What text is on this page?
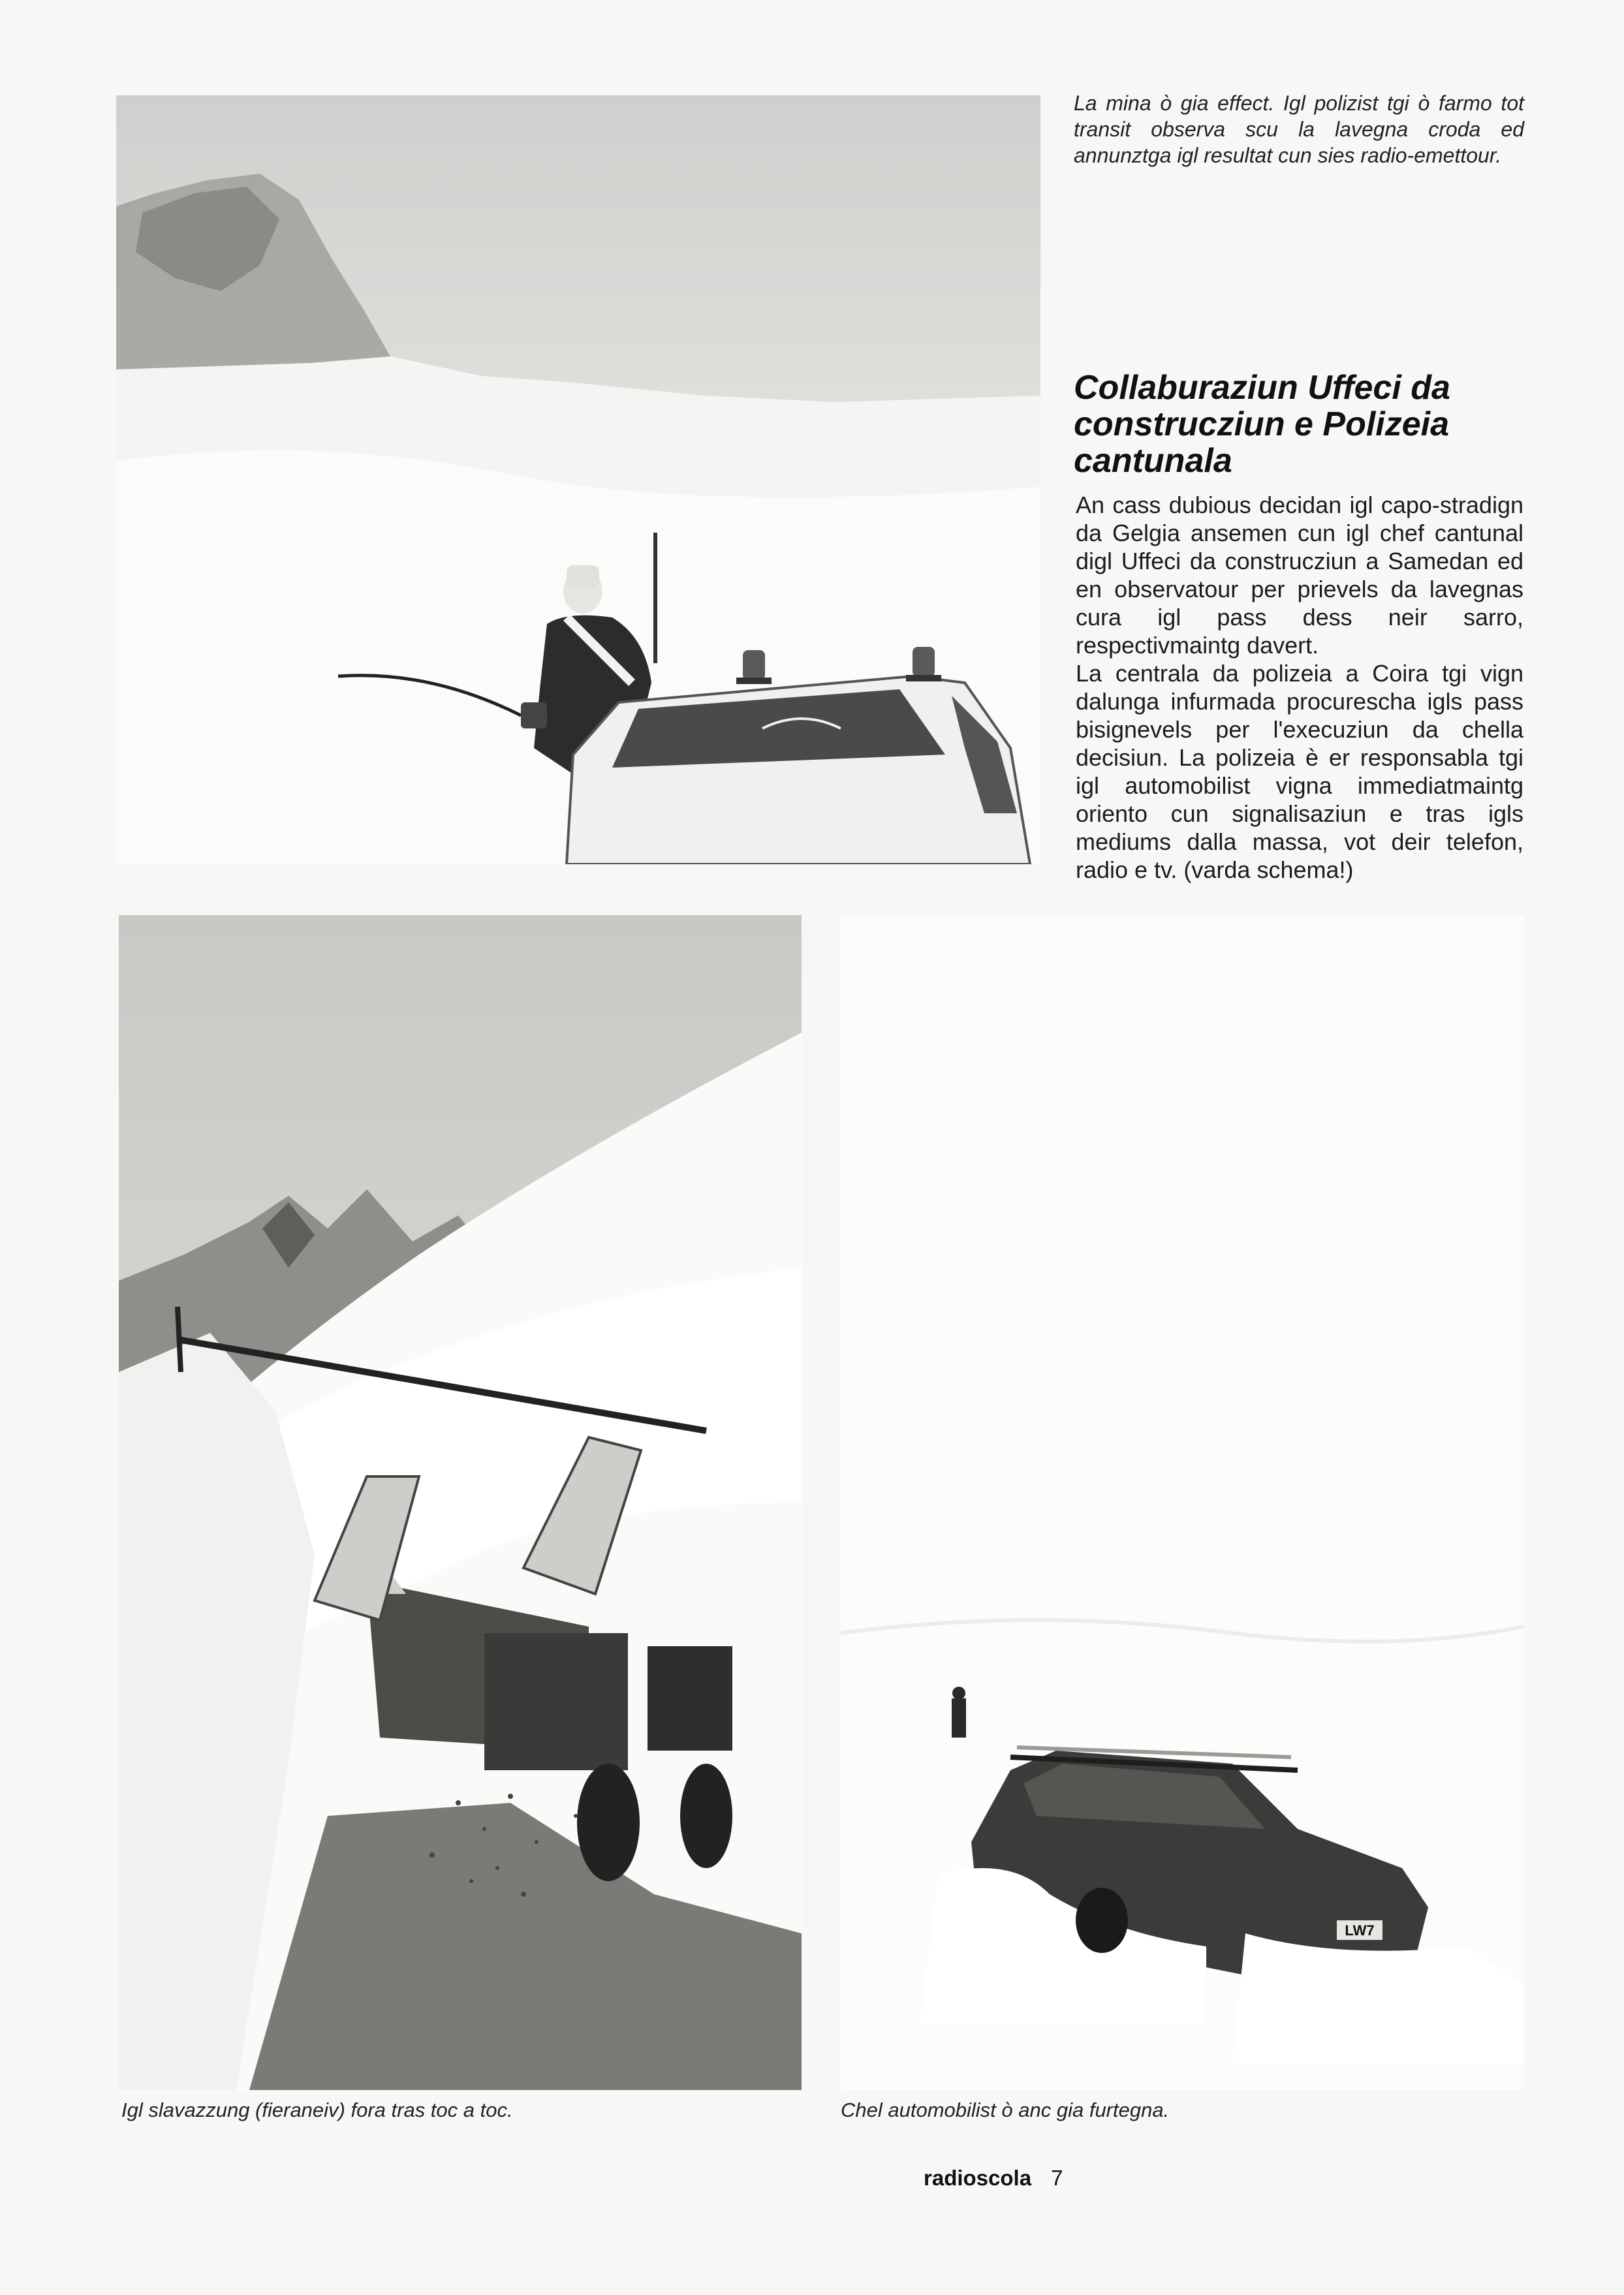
LW7
La mina ò gia effect. Igl polizist tgi ò farmo tot transit observa scu la lavegna croda ed annunztga igl resultat cun sies radio-emettour.
Collaburaziun Uffeci da construcziun e Polizeia cantunala

An cass dubious decidan igl capo-stradign da Gelgia ansemen cun igl chef cantunal digl Uffeci da construcziun a Samedan ed en observatour per prievels da lavegnas cura igl pass dess neir sarro, respectivmaintg davert.

La centrala da polizeia a Coira tgi vign dalunga infurmada procurescha igls pass bisignevels per l'execuziun da chella decisiun. La polizeia è er responsabla tgi igl automobilist vigna immediatmaintg oriento cun signalisaziun e tras igls mediums dalla massa, vot deir telefon, radio e tv. (varda schema!)

Igl slavazzung (fieraneiv) fora tras toc a toc.	Chel automobilist ò anc gia furtegna.
radioscola 7
